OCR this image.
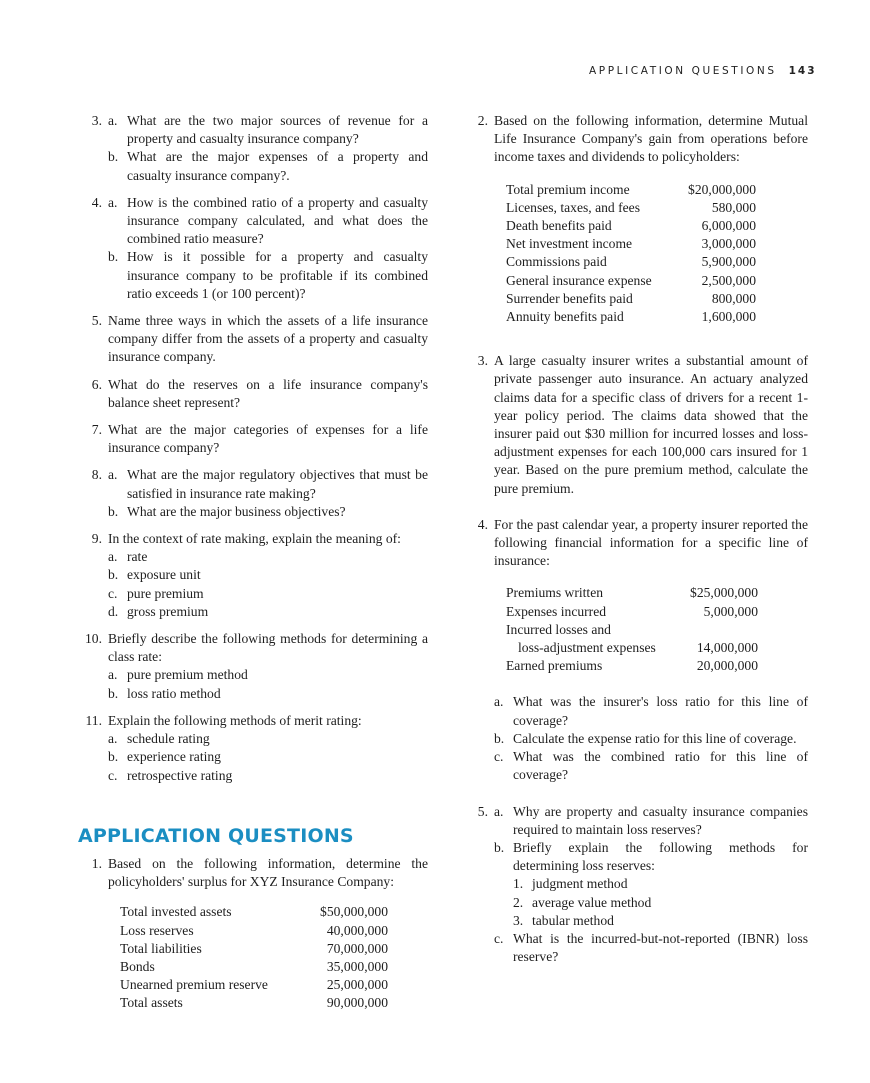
APPLICATION QUESTIONS 143
3. a. What are the two major sources of revenue for a property and casualty insurance company?
b. What are the major expenses of a property and casualty insurance company?.
4. a. How is the combined ratio of a property and casualty insurance company calculated, and what does the combined ratio measure?
b. How is it possible for a property and casualty insurance company to be profitable if its combined ratio exceeds 1 (or 100 percent)?
5. Name three ways in which the assets of a life insurance company differ from the assets of a property and casualty insurance company.
6. What do the reserves on a life insurance company's balance sheet represent?
7. What are the major categories of expenses for a life insurance company?
8. a. What are the major regulatory objectives that must be satisfied in insurance rate making?
b. What are the major business objectives?
9. In the context of rate making, explain the meaning of:
a. rate
b. exposure unit
c. pure premium
d. gross premium
10. Briefly describe the following methods for determining a class rate:
a. pure premium method
b. loss ratio method
11. Explain the following methods of merit rating:
a. schedule rating
b. experience rating
c. retrospective rating
APPLICATION QUESTIONS
1. Based on the following information, determine the policyholders' surplus for XYZ Insurance Company:
Total invested assets	$50,000,000
Loss reserves	40,000,000
Total liabilities	70,000,000
Bonds	35,000,000
Unearned premium reserve	25,000,000
Total assets	90,000,000
2. Based on the following information, determine Mutual Life Insurance Company's gain from operations before income taxes and dividends to policyholders:
Total premium income	$20,000,000
Licenses, taxes, and fees	580,000
Death benefits paid	6,000,000
Net investment income	3,000,000
Commissions paid	5,900,000
General insurance expense	2,500,000
Surrender benefits paid	800,000
Annuity benefits paid	1,600,000
3. A large casualty insurer writes a substantial amount of private passenger auto insurance. An actuary analyzed claims data for a specific class of drivers for a recent 1-year policy period. The claims data showed that the insurer paid out $30 million for incurred losses and loss-adjustment expenses for each 100,000 cars insured for 1 year. Based on the pure premium method, calculate the pure premium.
4. For the past calendar year, a property insurer reported the following financial information for a specific line of insurance:
Premiums written	$25,000,000
Expenses incurred	5,000,000
Incurred losses and	
loss-adjustment expenses	14,000,000
Earned premiums	20,000,000
a. What was the insurer's loss ratio for this line of coverage?
b. Calculate the expense ratio for this line of coverage.
c. What was the combined ratio for this line of coverage?
5. a. Why are property and casualty insurance companies required to maintain loss reserves?
b. Briefly explain the following methods for determining loss reserves:
1. judgment method
2. average value method
3. tabular method
c. What is the incurred-but-not-reported (IBNR) loss reserve?
